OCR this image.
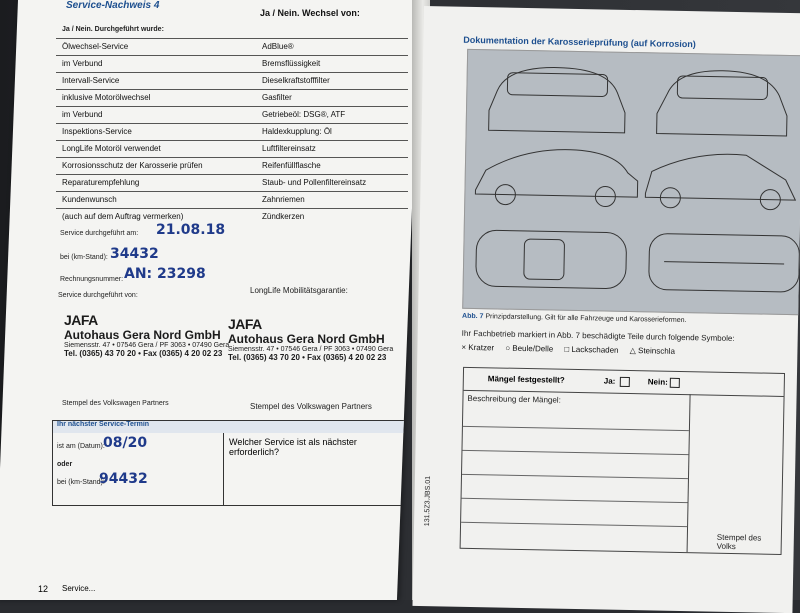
Service-Nachweis 4
Ja / Nein. Wechsel von:
Ja / Nein. Durchgeführt wurde:
Ölwechsel-Service	AdBlue®
im Verbund	Bremsflüssigkeit
Intervall-Service	Dieselkraftstofffilter
inklusive Motorölwechsel	Gasfilter
im Verbund	Getriebeöl: DSG®, ATF
Inspektions-Service	Haldexkupplung: Öl
LongLife Motoröl verwendet	Luftfiltereinsatz
Korrosionsschutz der Karosserie prüfen	Reifenfüllflasche
Reparaturempfehlung	Staub- und Pollenfiltereinsatz
Kundenwunsch	Zahnriemen
(auch auf dem Auftrag vermerken)	Zündkerzen
Service durchgeführt am: 21.08.18
bei (km-Stand): 34432
Rechnungsnummer: AN: 23298
LongLife Mobilitätsgarantie:
Service durchgeführt von:
JAFA
Autohaus Gera Nord GmbH
Siemensstr. 47 • 07546 Gera / PF 3063 • 07490 Gera
Tel. (0365) 43 70 20 • Fax (0365) 4 20 02 23
JAFA
Autohaus Gera Nord GmbH
Siemensstr. 47 • 07546 Gera / PF 3063 • 07490 Gera
Tel. (0365) 43 70 20 • Fax (0365) 4 20 02 23
Stempel des Volkswagen Partners	Stempel des Volkswagen Partners
Ihr nächster Service-Termin
ist am (Datum):
08/20
oder
bei (km-Stand):
94432
Welcher Service ist als nächster erforderlich?
12 Service...
Dokumentation der Karosserieprüfung (auf Korrosion)
Abb. 7 Prinzipdarstellung. Gilt für alle Fahrzeuge und Karosserieformen.
Ihr Fachbetrieb markiert in Abb. 7 beschädigte Teile durch folgende Symbole:
× Kratzer ○ Beule/Delle □ Lackschaden △ Steinschla
Mängel festgestellt?	Ja:	Nein:
Beschreibung der Mängel:
Stempel des Volks
131.5Z3.JBS.01
